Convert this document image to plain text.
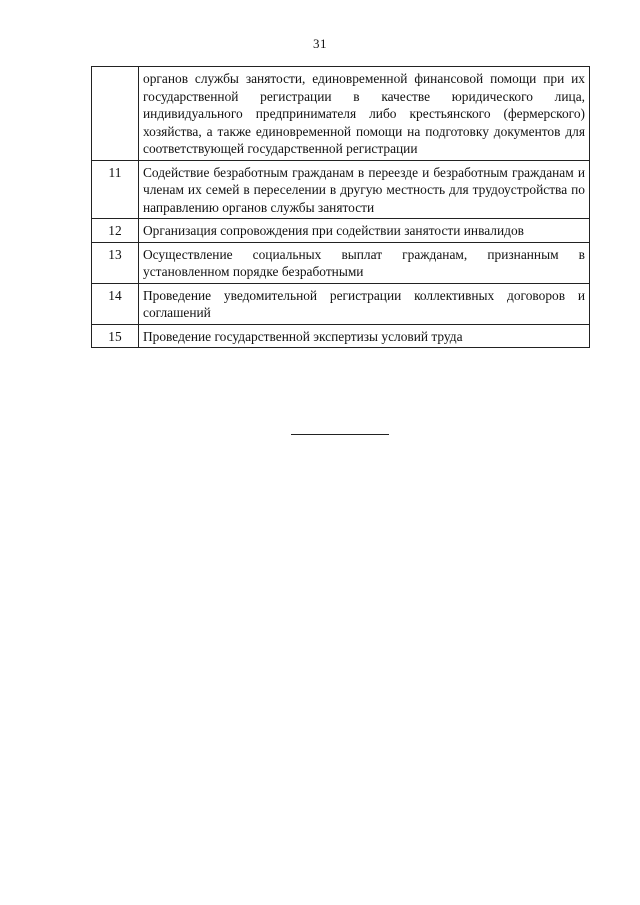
31
	органов службы занятости, единовременной финансовой помощи при их государственной регистрации в качестве юридического лица, индивидуального предпринимателя либо крестьянского (фермерского) хозяйства, а также единовременной помощи на подготовку документов для соответствующей государственной регистрации
11	Содействие безработным гражданам в переезде и безработным гражданам и членам их семей в переселении в другую местность для трудоустройства по направлению органов службы занятости
12	Организация сопровождения при содействии занятости инвалидов
13	Осуществление социальных выплат гражданам, признанным в установленном порядке безработными
14	Проведение уведомительной регистрации коллективных договоров и соглашений
15	Проведение государственной экспертизы условий труда
